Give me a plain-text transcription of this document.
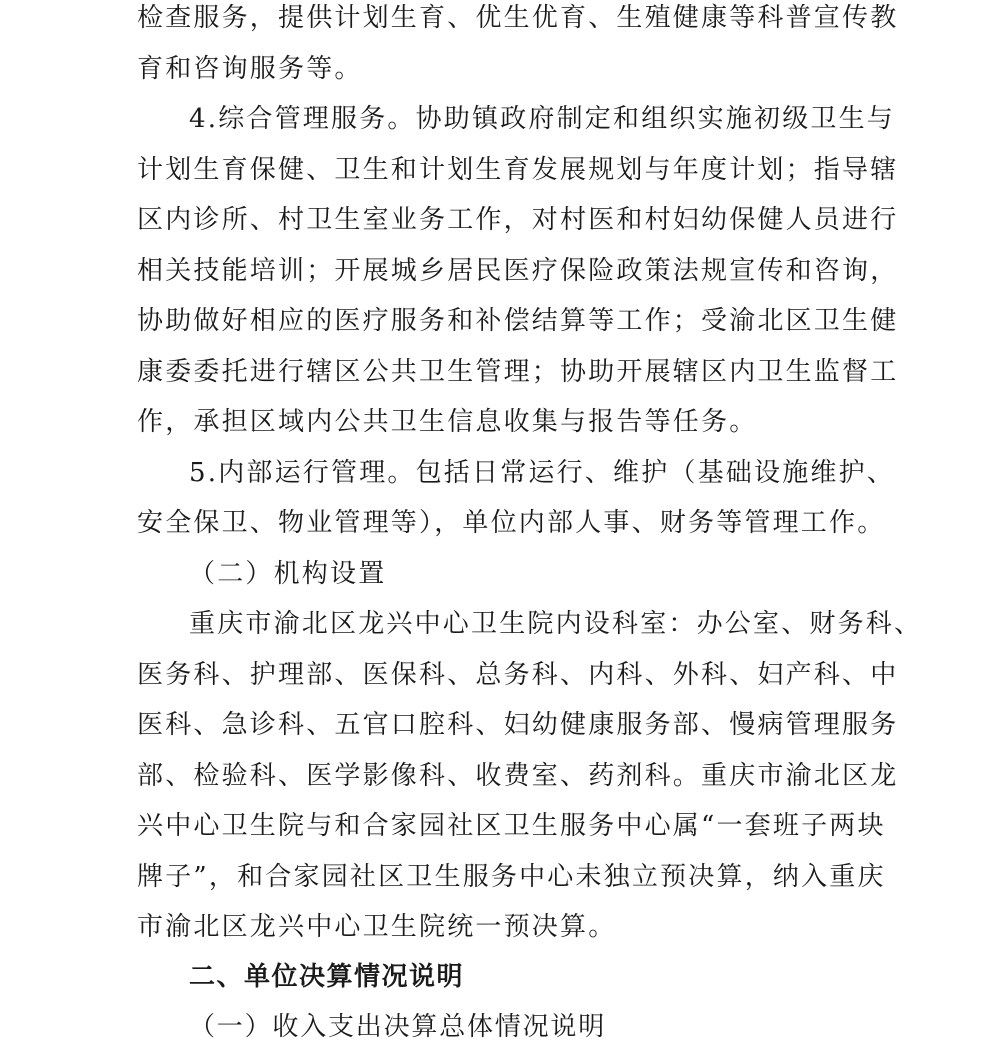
检查服务，提供计划生育、优生优育、生殖健康等科普宣传教
育和咨询服务等。
4.综合管理服务。协助镇政府制定和组织实施初级卫生与
计划生育保健、卫生和计划生育发展规划与年度计划；指导辖
区内诊所、村卫生室业务工作，对村医和村妇幼保健人员进行
相关技能培训；开展城乡居民医疗保险政策法规宣传和咨询，
协助做好相应的医疗服务和补偿结算等工作；受渝北区卫生健
康委委托进行辖区公共卫生管理；协助开展辖区内卫生监督工
作，承担区域内公共卫生信息收集与报告等任务。
5.内部运行管理。包括日常运行、维护（基础设施维护、
安全保卫、物业管理等），单位内部人事、财务等管理工作。
（二）机构设置
重庆市渝北区龙兴中心卫生院内设科室：办公室、财务科、
医务科、护理部、医保科、总务科、内科、外科、妇产科、中
医科、急诊科、五官口腔科、妇幼健康服务部、慢病管理服务
部、检验科、医学影像科、收费室、药剂科。重庆市渝北区龙
兴中心卫生院与和合家园社区卫生服务中心属“一套班子两块
牌子”，和合家园社区卫生服务中心未独立预决算，纳入重庆
市渝北区龙兴中心卫生院统一预决算。
二、单位决算情况说明
（一）收入支出决算总体情况说明
